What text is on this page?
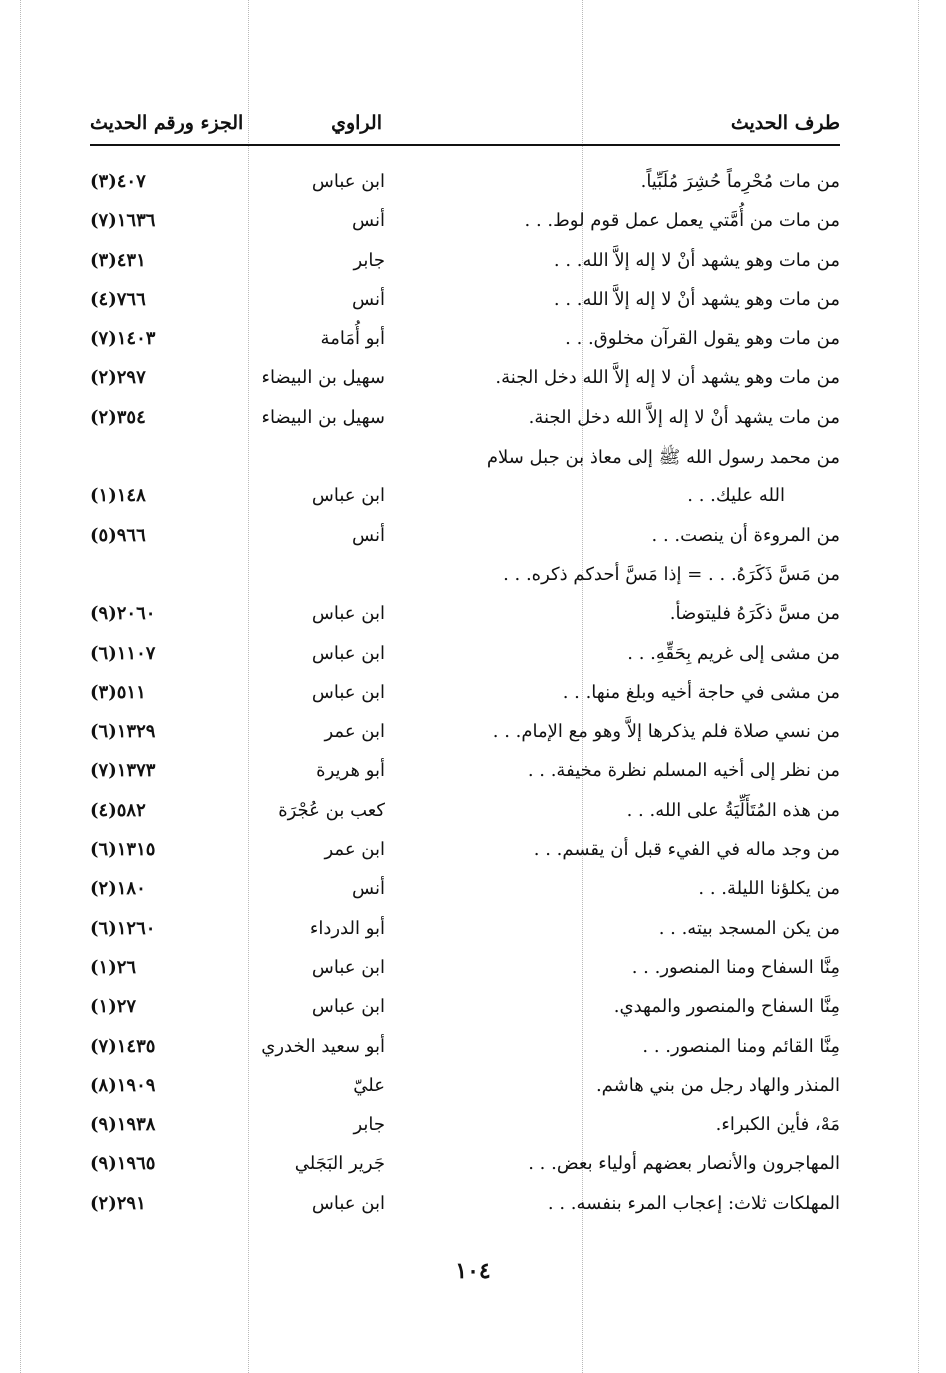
طرف الحديث
الراوي
الجزء ورقم الحديث
من مات مُحْرِماً حُشِرَ مُلَبِّياً.
ابن عباس
٤٠٧(٣)
من مات من أُمَّتي يعمل عمل قوم لوط. . .
أنس
١٦٣٦(٧)
من مات وهو يشهد أنْ لا إله إلاَّ الله. . .
جابر
٤٣١(٣)
من مات وهو يشهد أنْ لا إله إلاَّ الله. . .
أنس
٧٦٦(٤)
من مات وهو يقول القرآن مخلوق. . .
أبو أُمَامة
١٤٠٣(٧)
من مات وهو يشهد أن لا إله إلاَّ الله دخل الجنة.
سهيل بن البيضاء
٢٩٧(٢)
من مات يشهد أنْ لا إله إلاَّ الله دخل الجنة.
سهيل بن البيضاء
٣٥٤(٢)
من محمد رسول الله ﷺ إلى معاذ بن جبل سلام
الله عليك. . .
ابن عباس
١٤٨(١)
من المروءة أن ينصت. . .
أنس
٩٦٦(٥)
من مَسَّ ذَكَرَهُ. . . = إذا مَسَّ أحدكم ذكره. . .
من مسَّ ذكَرَهُ فليتوضأ.
ابن عباس
٢٠٦٠(٩)
من مشى إلى غريم بِحَقِّهِ. . .
ابن عباس
١١٠٧(٦)
من مشى في حاجة أخيه وبلغ منها. . .
ابن عباس
٥١١(٣)
من نسي صلاة فلم يذكرها إلاَّ وهو مع الإمام. . .
ابن عمر
١٣٢٩(٦)
من نظر إلى أخيه المسلم نظرة مخيفة. . .
أبو هريرة
١٣٧٣(٧)
من هذه المُتَأَلِّيَةُ على الله. . .
كعب بن عُجْرَة
٥٨٢(٤)
من وجد ماله في الفيء قبل أن يقسم. . .
ابن عمر
١٣١٥(٦)
من يكلؤنا الليلة. . .
أنس
١٨٠(٢)
من يكن المسجد بيته. . .
أبو الدرداء
١٢٦٠(٦)
مِنَّا السفاح ومنا المنصور. . .
ابن عباس
٢٦(١)
مِنَّا السفاح والمنصور والمهدي.
ابن عباس
٢٧(١)
مِنَّا القائم ومنا المنصور. . .
أبو سعيد الخدري
١٤٣٥(٧)
المنذر والهاد رجل من بني هاشم.
عليّ
١٩٠٩(٨)
مَهْ، فأين الكبراء.
جابر
١٩٣٨(٩)
المهاجرون والأنصار بعضهم أولياء بعض. . .
جَرير البَجَلي
١٩٦٥(٩)
المهلكات ثلاث: إعجاب المرء بنفسه. . .
ابن عباس
٢٩١(٢)
١٠٤
